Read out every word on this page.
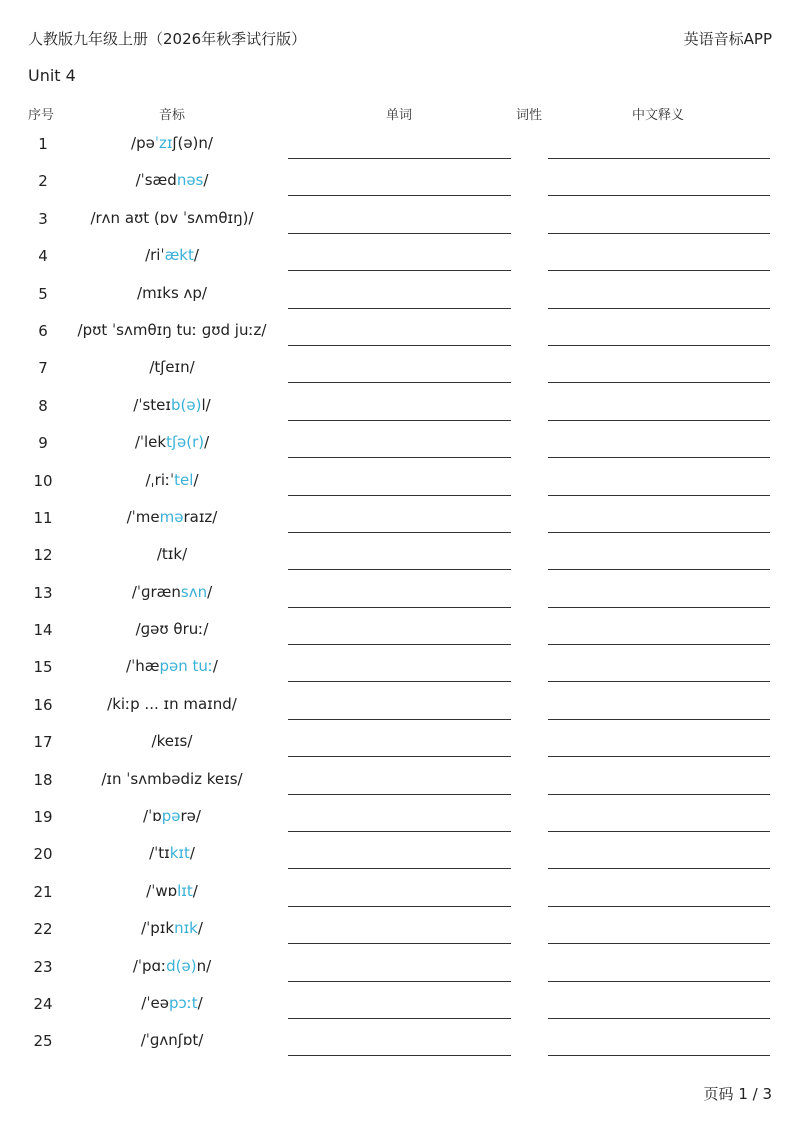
人教版九年级上册（2026年秋季试行版）	英语音标APP
Unit 4
序号	音标	单词	词性	中文释义
1	/pəˈzɪʃ(ə)n/
2	/ˈsædnəs/
3	/rʌn aʊt (ɒv ˈsʌmθɪŋ)/
4	/riˈækt/
5	/mɪks ʌp/
6	/pʊt ˈsʌmθɪŋ tuː ɡʊd juːz/
7	/tʃeɪn/
8	/ˈsteɪb(ə)l/
9	/ˈlektʃə(r)/
10	/ˌriːˈtel/
11	/ˈmeməraɪz/
12	/tɪk/
13	/ˈɡrænsʌn/
14	/ɡəʊ θruː/
15	/ˈhæpən tuː/
16	/kiːp ... ɪn maɪnd/
17	/keɪs/
18	/ɪn ˈsʌmbədiz keɪs/
19	/ˈɒpərə/
20	/ˈtɪkɪt/
21	/ˈwɒlɪt/
22	/ˈpɪknɪk/
23	/ˈpɑːd(ə)n/
24	/ˈeəpɔːt/
25	/ˈɡʌnʃɒt/
页码 1 / 3
